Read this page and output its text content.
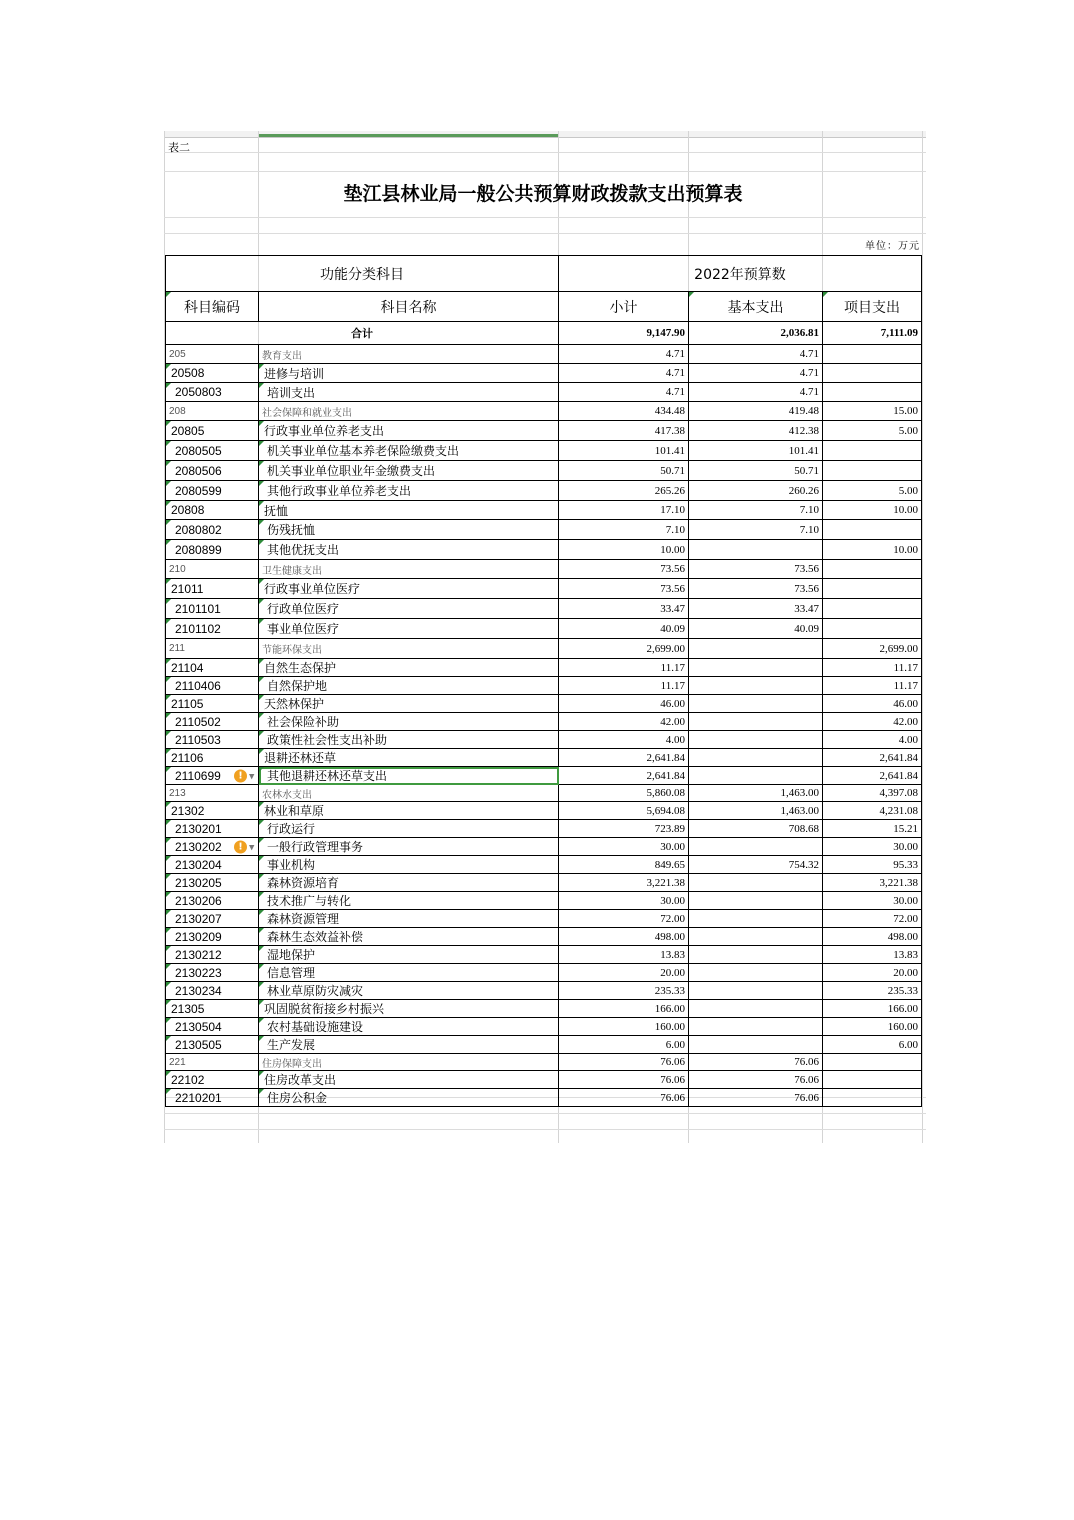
表二
垫江县林业局一般公共预算财政拨款支出预算表
单位：万元
功能分类科目		2022年预算数		

科目编码	科目名称	小计	基本支出	项目支出
合计		9,147.90	2,036.81	7,111.09
205	教育支出	4.71	4.71	

20508	进修与培训	4.71	4.71	

2050803	培训支出	4.71	4.71	
208	社会保障和就业支出	434.48	419.48	15.00

20805	行政事业单位养老支出	417.38	412.38	5.00

2080505	机关事业单位基本养老保险缴费支出	101.41	101.41	

2080506	机关事业单位职业年金缴费支出	50.71	50.71	

2080599	其他行政事业单位养老支出	265.26	260.26	5.00

20808	抚恤	17.10	7.10	10.00

2080802	伤残抚恤	7.10	7.10	

2080899	其他优抚支出	10.00		10.00
210	卫生健康支出	73.56	73.56	

21011	行政事业单位医疗	73.56	73.56	

2101101	行政单位医疗	33.47	33.47	

2101102	事业单位医疗	40.09	40.09	
211	节能环保支出	2,699.00		2,699.00

21104	自然生态保护	11.17		11.17

2110406	自然保护地	11.17		11.17

21105	天然林保护	46.00		46.00

2110502	社会保险补助	42.00		42.00

2110503	政策性社会性支出补助	4.00		4.00

21106	退耕还林还草	2,641.84		2,641.84

2110699 ! ▼	其他退耕还林还草支出	2,641.84		2,641.84
213	农林水支出	5,860.08	1,463.00	4,397.08

21302	林业和草原	5,694.08	1,463.00	4,231.08

2130201	行政运行	723.89	708.68	15.21

2130202 ! ▼	一般行政管理事务	30.00		30.00

2130204	事业机构	849.65	754.32	95.33

2130205	森林资源培育	3,221.38		3,221.38

2130206	技术推广与转化	30.00		30.00

2130207	森林资源管理	72.00		72.00

2130209	森林生态效益补偿	498.00		498.00

2130212	湿地保护	13.83		13.83

2130223	信息管理	20.00		20.00

2130234	林业草原防灾减灾	235.33		235.33

21305	巩固脱贫衔接乡村振兴	166.00		166.00

2130504	农村基础设施建设	160.00		160.00

2130505	生产发展	6.00		6.00
221	住房保障支出	76.06	76.06	

22102	住房改革支出	76.06	76.06	

2210201	住房公积金	76.06	76.06	
